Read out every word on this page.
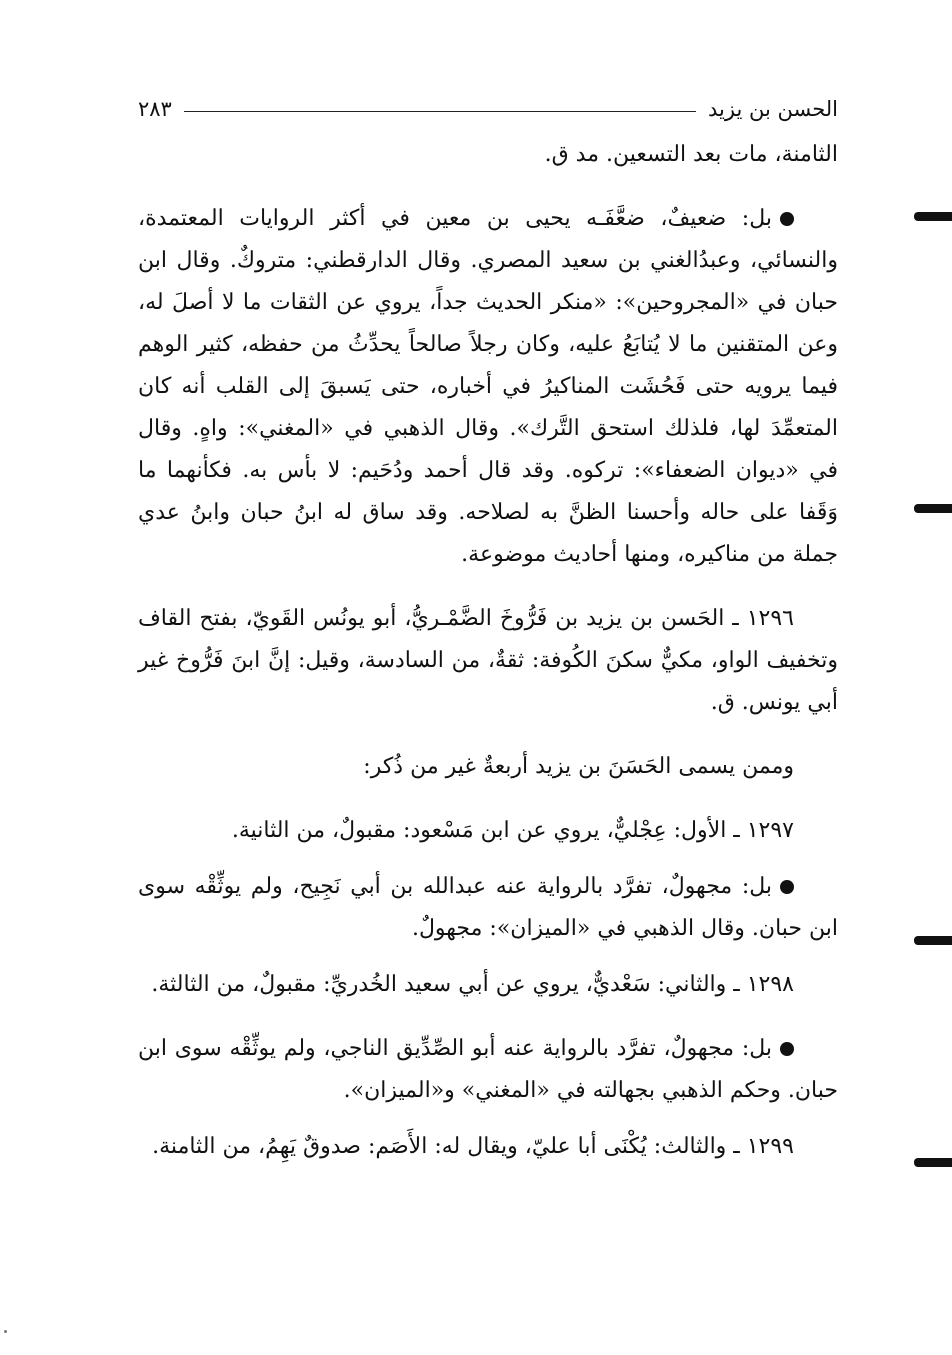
الحسن بن يزيد
٢٨٣

الثامنة، مات بعد التسعين. مد ق.

بل: ضعيفٌ، ضعَّفَـه يحيى بن معين في أكثر الروايات المعتمدة، والنسائي، وعبدُالغني بن سعيد المصري. وقال الدارقطني: متروكٌ. وقال ابن حبان في «المجروحين»: «منكر الحديث جداً، يروي عن الثقات ما لا أصلَ له، وعن المتقنين ما لا يُتابَعُ عليه، وكان رجلاً صالحاً يحدِّثُ من حفظه، كثير الوهم فيما يرويه حتى فَحُشَت المناكيرُ في أخباره، حتى يَسبقَ إلى القلب أنه كان المتعمِّدَ لها، فلذلك استحق التَّرك». وقال الذهبي في «المغني»: واهٍ. وقال في «ديوان الضعفاء»: تركوه. وقد قال أحمد ودُحَيم: لا بأس به. فكأنهما ما وَقَفا على حاله وأحسنا الظنَّ به لصلاحه. وقد ساق له ابنُ حبان وابنُ عدي جملة من مناكيره، ومنها أحاديث موضوعة.

١٢٩٦ ـ الحَسن بن يزيد بن فَرُّوخَ الضَّمْـريُّ، أبو يونُس القَويّ، بفتح القاف وتخفيف الواو، مكيٌّ سكنَ الكُوفة: ثقةٌ، من السادسة، وقيل: إنَّ ابنَ فَرُّوخ غير أبي يونس. ق.

وممن يسمى الحَسَنَ بن يزيد أربعةٌ غير من ذُكر:

١٢٩٧ ـ الأول: عِجْليٌّ، يروي عن ابن مَسْعود: مقبولٌ، من الثانية.

بل: مجهولٌ، تفرَّد بالرواية عنه عبدالله بن أبي نَجِيح، ولم يوثِّقْه سوى ابن حبان. وقال الذهبي في «الميزان»: مجهولٌ.

١٢٩٨ ـ والثاني: سَعْديٌّ، يروي عن أبي سعيد الخُدريِّ: مقبولٌ، من الثالثة.

بل: مجهولٌ، تفرَّد بالرواية عنه أبو الصِّدِّيق الناجي، ولم يوثِّقْه سوى ابن حبان. وحكم الذهبي بجهالته في «المغني» و«الميزان».

١٢٩٩ ـ والثالث: يُكْنَى أبا عليّ، ويقال له: الأَصَم: صدوقٌ يَهِمُ، من الثامنة.
